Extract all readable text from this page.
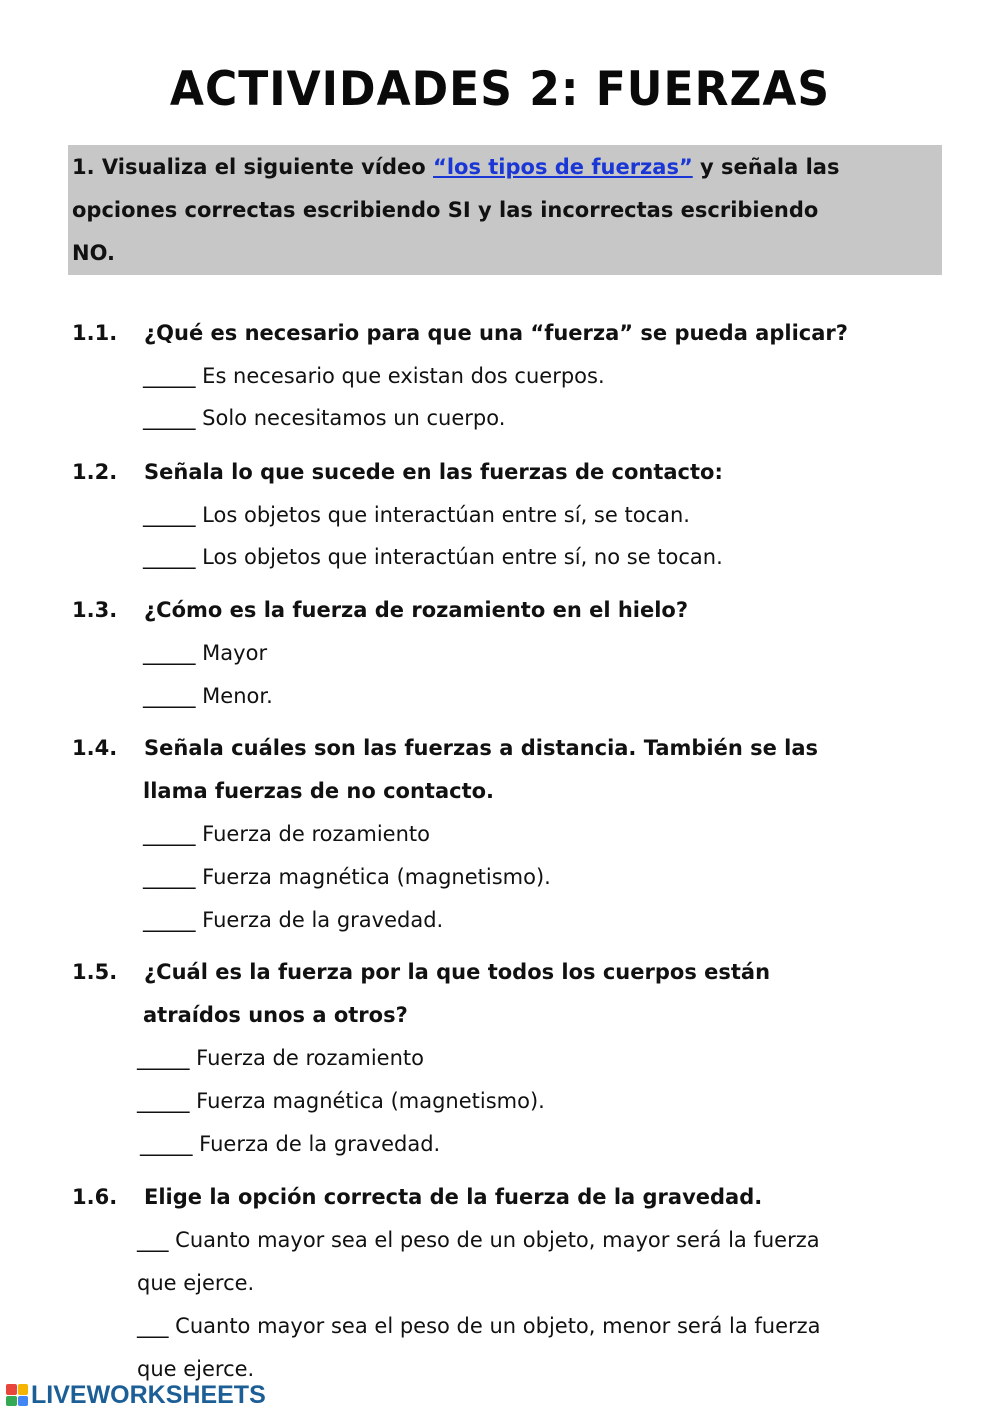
ACTIVIDADES 2: FUERZAS
1. Visualiza el siguiente vídeo “los tipos de fuerzas” y señala las
opciones correctas escribiendo SI y las incorrectas escribiendo
NO.
1.1. ¿Qué es necesario para que una “fuerza” se pueda aplicar?
_____ Es necesario que existan dos cuerpos.
_____ Solo necesitamos un cuerpo.
1.2. Señala lo que sucede en las fuerzas de contacto:
_____ Los objetos que interactúan entre sí, se tocan.
_____ Los objetos que interactúan entre sí, no se tocan.
1.3. ¿Cómo es la fuerza de rozamiento en el hielo?
_____ Mayor
_____ Menor.
1.4. Señala cuáles son las fuerzas a distancia. También se las
llama fuerzas de no contacto.
_____ Fuerza de rozamiento
_____ Fuerza magnética (magnetismo).
_____ Fuerza de la gravedad.
1.5. ¿Cuál es la fuerza por la que todos los cuerpos están
atraídos unos a otros?
_____ Fuerza de rozamiento
_____ Fuerza magnética (magnetismo).
_____ Fuerza de la gravedad.
1.6. Elige la opción correcta de la fuerza de la gravedad.
___ Cuanto mayor sea el peso de un objeto, mayor será la fuerza
que ejerce.
___ Cuanto mayor sea el peso de un objeto, menor será la fuerza
que ejerce.
LIVEWORKSHEETS
